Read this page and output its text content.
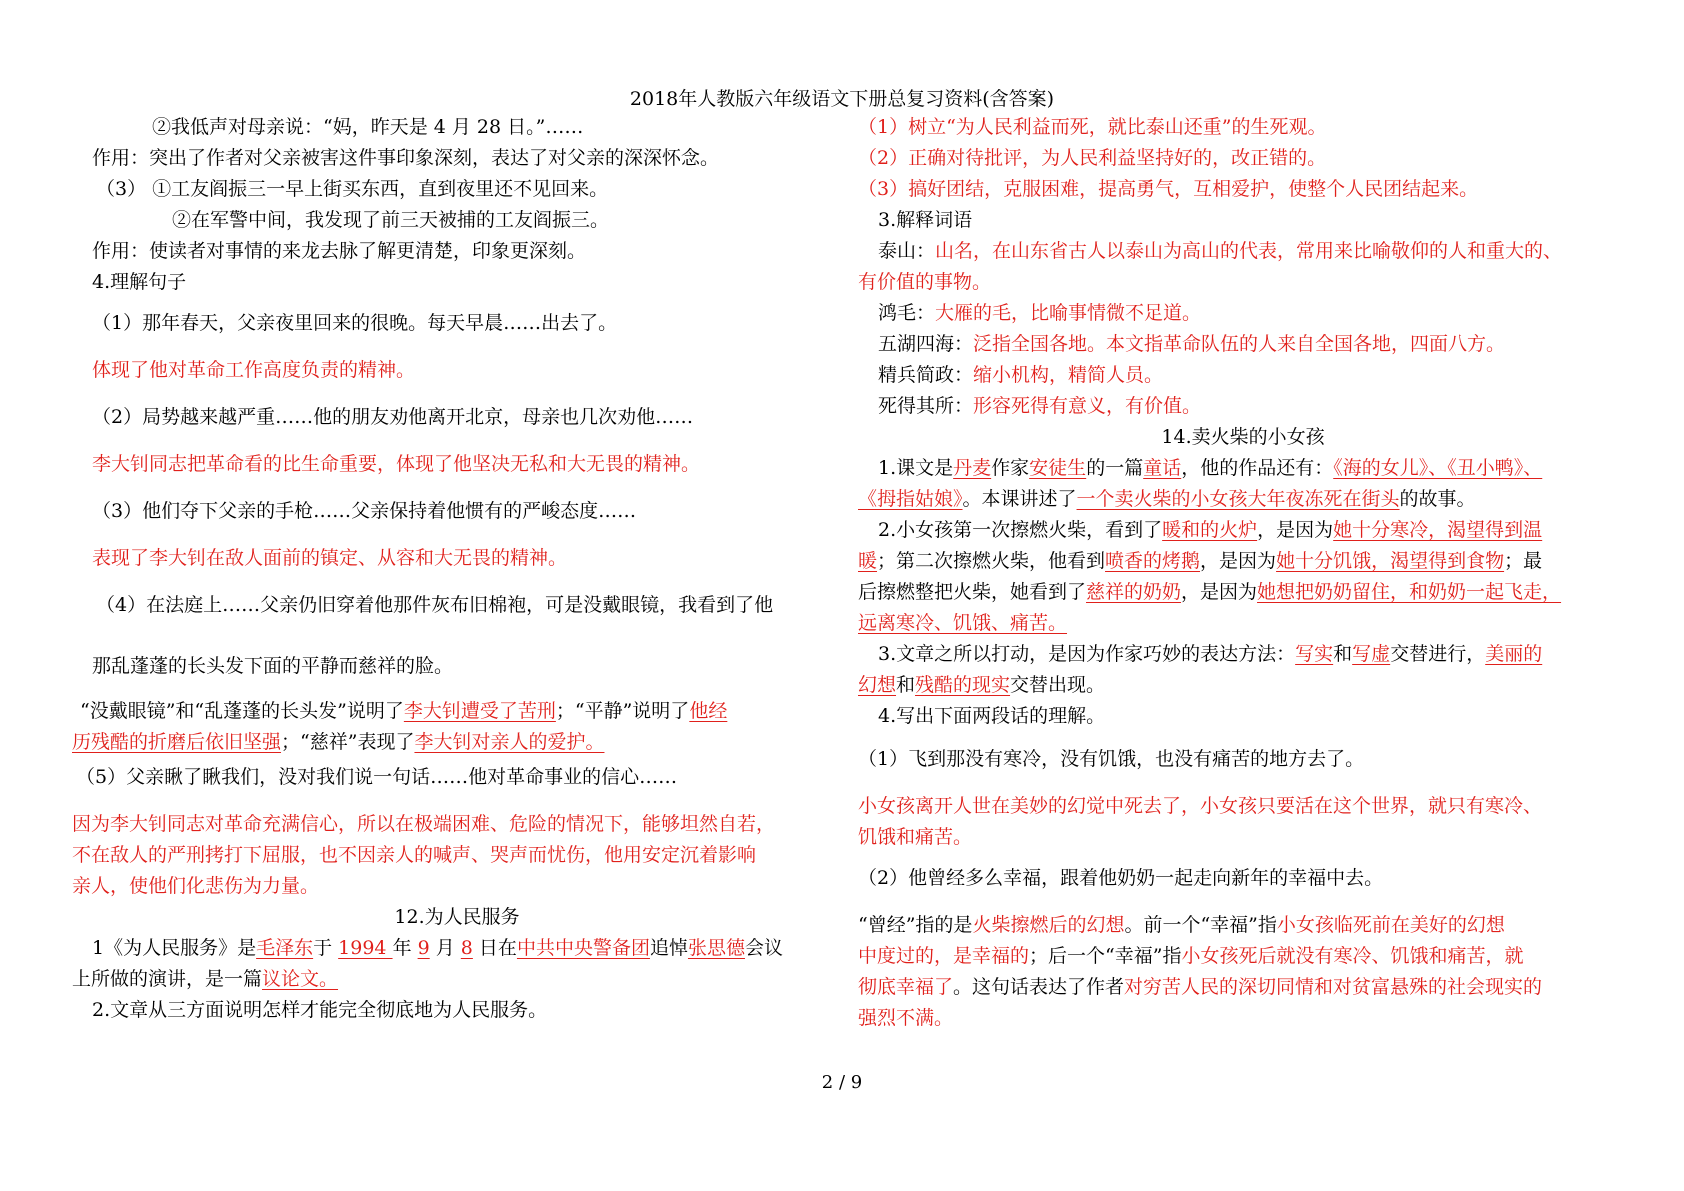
2018年人教版六年级语文下册总复习资料(含答案)
②我低声对母亲说：“妈，昨天是 4 月 28 日。”……
作用：突出了作者对父亲被害这件事印象深刻，表达了对父亲的深深怀念。
（3） ①工友阎振三一早上街买东西，直到夜里还不见回来。
②在军警中间，我发现了前三天被捕的工友阎振三。
作用：使读者对事情的来龙去脉了解更清楚，印象更深刻。
4.理解句子
（1）那年春天，父亲夜里回来的很晚。每天早晨……出去了。
体现了他对革命工作高度负责的精神。
（2）局势越来越严重……他的朋友劝他离开北京，母亲也几次劝他……
李大钊同志把革命看的比生命重要，体现了他坚决无私和大无畏的精神。
（3）他们夺下父亲的手枪……父亲保持着他惯有的严峻态度……
表现了李大钊在敌人面前的镇定、从容和大无畏的精神。
（4）在法庭上……父亲仍旧穿着他那件灰布旧棉袍，可是没戴眼镜，我看到了他
那乱蓬蓬的长头发下面的平静而慈祥的脸。
“没戴眼镜”和“乱蓬蓬的长头发”说明了李大钊遭受了苦刑；“平静”说明了他经
历残酷的折磨后依旧坚强；“慈祥”表现了李大钊对亲人的爱护。
（5）父亲瞅了瞅我们，没对我们说一句话……他对革命事业的信心……
因为李大钊同志对革命充满信心，所以在极端困难、危险的情况下，能够坦然自若，
不在敌人的严刑拷打下屈服，也不因亲人的喊声、哭声而忧伤，他用安定沉着影响
亲人，使他们化悲伤为力量。
12.为人民服务
1《为人民服务》是毛泽东于 1994 年 9 月 8 日在中共中央警备团追悼张思德会议
上所做的演讲，是一篇议论文。
2.文章从三方面说明怎样才能完全彻底地为人民服务。
（1）树立“为人民利益而死，就比泰山还重”的生死观。
（2）正确对待批评，为人民利益坚持好的，改正错的。
（3）搞好团结，克服困难，提高勇气，互相爱护，使整个人民团结起来。
3.解释词语
泰山：山名，在山东省古人以泰山为高山的代表，常用来比喻敬仰的人和重大的、
有价值的事物。
鸿毛：大雁的毛，比喻事情微不足道。
五湖四海：泛指全国各地。本文指革命队伍的人来自全国各地，四面八方。
精兵简政：缩小机构，精简人员。
死得其所：形容死得有意义，有价值。
14.卖火柴的小女孩
1.课文是丹麦作家安徒生的一篇童话，他的作品还有：《海的女儿》、《丑小鸭》、
《拇指姑娘》。本课讲述了一个卖火柴的小女孩大年夜冻死在街头的故事。
2.小女孩第一次擦燃火柴，看到了暖和的火炉，是因为她十分寒冷，渴望得到温
暖；第二次擦燃火柴，他看到喷香的烤鹅，是因为她十分饥饿，渴望得到食物；最
后擦燃整把火柴，她看到了慈祥的奶奶，是因为她想把奶奶留住，和奶奶一起飞走，
远离寒冷、饥饿、痛苦。
3.文章之所以打动，是因为作家巧妙的表达方法：写实和写虚交替进行，美丽的
幻想和残酷的现实交替出现。
4.写出下面两段话的理解。
（1）飞到那没有寒冷，没有饥饿，也没有痛苦的地方去了。
小女孩离开人世在美妙的幻觉中死去了，小女孩只要活在这个世界，就只有寒冷、
饥饿和痛苦。
（2）他曾经多么幸福，跟着他奶奶一起走向新年的幸福中去。
“曾经”指的是火柴擦燃后的幻想。前一个“幸福”指小女孩临死前在美好的幻想
中度过的，是幸福的；后一个“幸福”指小女孩死后就没有寒冷、饥饿和痛苦，就
彻底幸福了。这句话表达了作者对穷苦人民的深切同情和对贫富悬殊的社会现实的
强烈不满。
2 / 9
